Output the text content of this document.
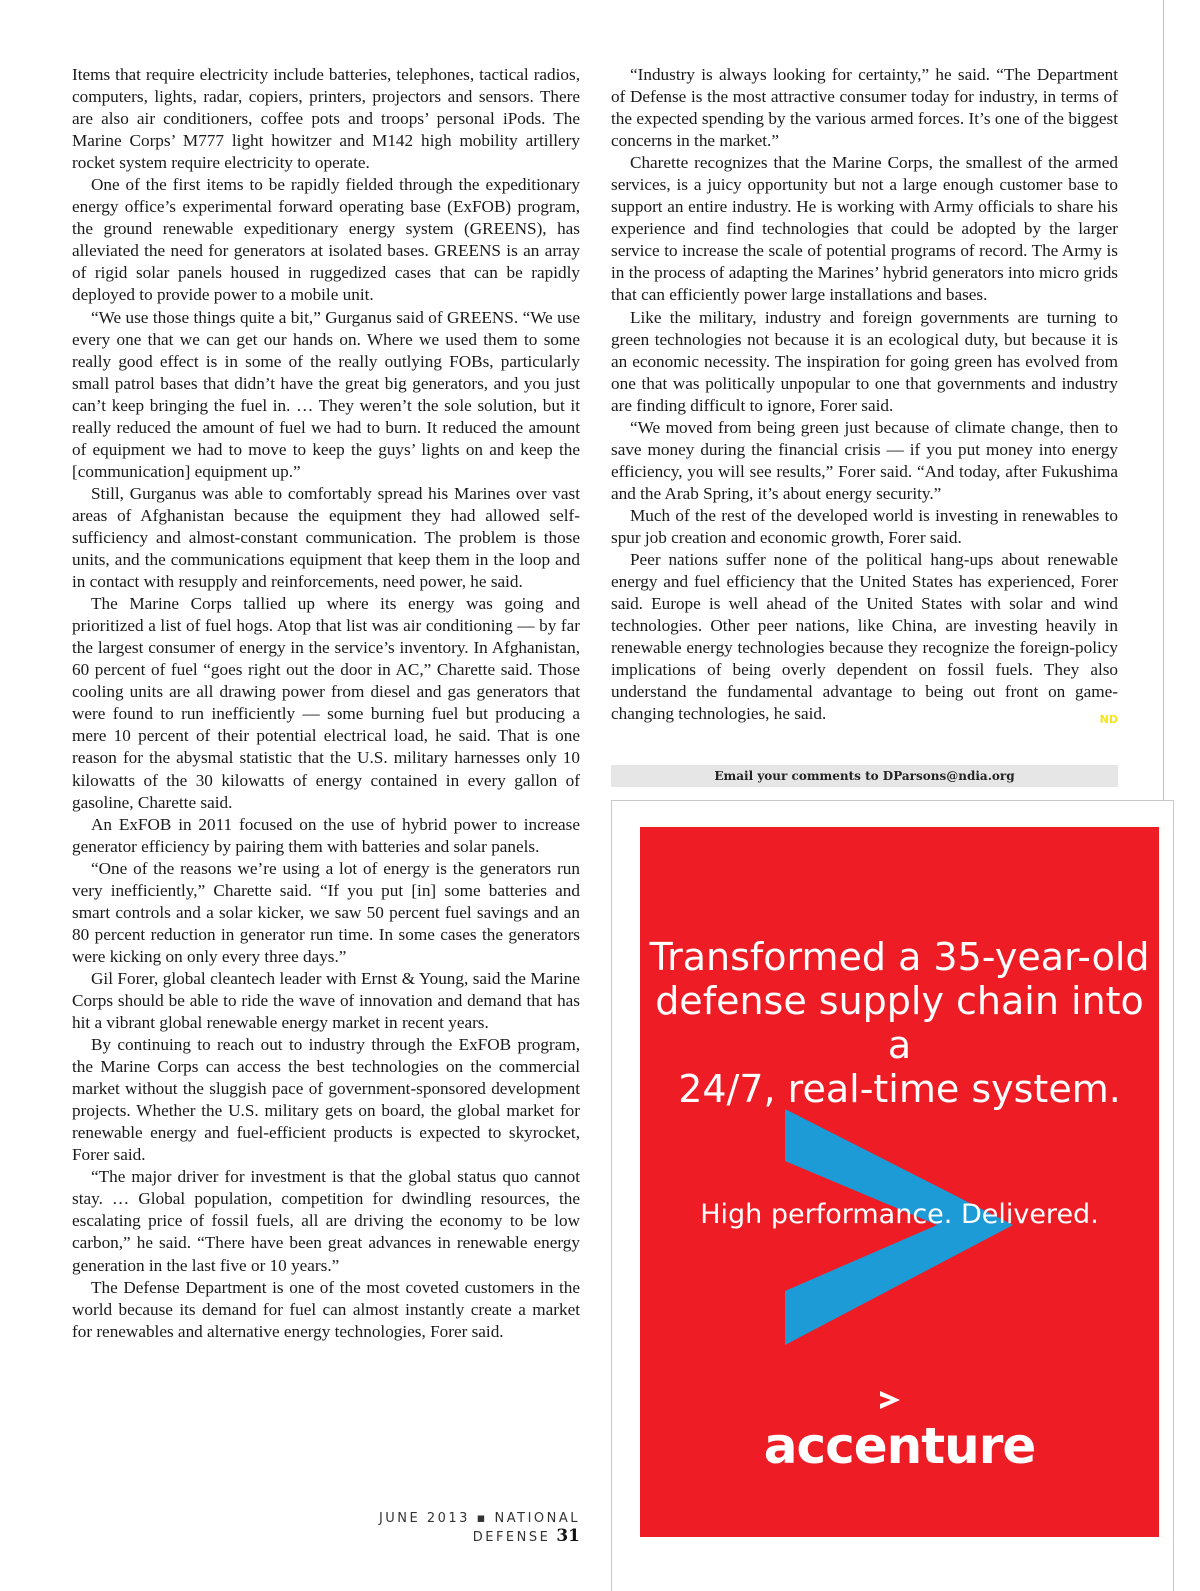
Items that require electricity include batteries, telephones, tactical radios, computers, lights, radar, copiers, printers, projectors and sensors. There are also air conditioners, coffee pots and troops’ personal iPods. The Marine Corps’ M777 light howitzer and M142 high mobility artillery rocket system require electricity to operate.

One of the first items to be rapidly fielded through the expeditionary energy office’s experimental forward operating base (ExFOB) program, the ground renewable expeditionary energy system (GREENS), has alleviated the need for generators at isolated bases. GREENS is an array of rigid solar panels housed in ruggedized cases that can be rapidly deployed to provide power to a mobile unit.

“We use those things quite a bit,” Gurganus said of GREENS. “We use every one that we can get our hands on. Where we used them to some really good effect is in some of the really outlying FOBs, particularly small patrol bases that didn’t have the great big generators, and you just can’t keep bringing the fuel in. … They weren’t the sole solution, but it really reduced the amount of fuel we had to burn. It reduced the amount of equipment we had to move to keep the guys’ lights on and keep the [communication] equipment up.”

Still, Gurganus was able to comfortably spread his Marines over vast areas of Afghanistan because the equipment they had allowed self-sufficiency and almost-constant communication. The problem is those units, and the communications equipment that keep them in the loop and in contact with resupply and reinforcements, need power, he said.

The Marine Corps tallied up where its energy was going and prioritized a list of fuel hogs. Atop that list was air conditioning — by far the largest consumer of energy in the service’s inventory. In Afghanistan, 60 percent of fuel “goes right out the door in AC,” Charette said. Those cooling units are all drawing power from diesel and gas generators that were found to run inefficiently — some burning fuel but producing a mere 10 percent of their potential electrical load, he said. That is one reason for the abysmal statistic that the U.S. military harnesses only 10 kilowatts of the 30 kilowatts of energy contained in every gallon of gasoline, Charette said.

An ExFOB in 2011 focused on the use of hybrid power to increase generator efficiency by pairing them with batteries and solar panels.

“One of the reasons we’re using a lot of energy is the generators run very inefficiently,” Charette said. “If you put [in] some batteries and smart controls and a solar kicker, we saw 50 percent fuel savings and an 80 percent reduction in generator run time. In some cases the generators were kicking on only every three days.”

Gil Forer, global cleantech leader with Ernst & Young, said the Marine Corps should be able to ride the wave of innovation and demand that has hit a vibrant global renewable energy market in recent years.

By continuing to reach out to industry through the ExFOB program, the Marine Corps can access the best technologies on the commercial market without the sluggish pace of government-sponsored development projects. Whether the U.S. military gets on board, the global market for renewable energy and fuel-efficient products is expected to skyrocket, Forer said.

“The major driver for investment is that the global status quo cannot stay. … Global population, competition for dwindling resources, the escalating price of fossil fuels, all are driving the economy to be low carbon,” he said. “There have been great advances in renewable energy generation in the last five or 10 years.”

The Defense Department is one of the most coveted customers in the world because its demand for fuel can almost instantly create a market for renewables and alternative energy technologies, Forer said.

“Industry is always looking for certainty,” he said. “The Department of Defense is the most attractive consumer today for industry, in terms of the expected spending by the various armed forces. It’s one of the biggest concerns in the market.”

Charette recognizes that the Marine Corps, the smallest of the armed services, is a juicy opportunity but not a large enough customer base to support an entire industry. He is working with Army officials to share his experience and find technologies that could be adopted by the larger service to increase the scale of potential programs of record. The Army is in the process of adapting the Marines’ hybrid generators into micro grids that can efficiently power large installations and bases.

Like the military, industry and foreign governments are turning to green technologies not because it is an ecological duty, but because it is an economic necessity. The inspiration for going green has evolved from one that was politically unpopular to one that governments and industry are finding difficult to ignore, Forer said.

“We moved from being green just because of climate change, then to save money during the financial crisis — if you put money into energy efficiency, you will see results,” Forer said. “And today, after Fukushima and the Arab Spring, it’s about energy security.”

Much of the rest of the developed world is investing in renewables to spur job creation and economic growth, Forer said.

Peer nations suffer none of the political hang-ups about renewable energy and fuel efficiency that the United States has experienced, Forer said. Europe is well ahead of the United States with solar and wind technologies. Other peer nations, like China, are investing heavily in renewable energy technologies because they recognize the foreign-policy implications of being overly dependent on fossil fuels. They also understand the fundamental advantage to being out front on game-changing technologies, he said.	ND

Email your comments to DParsons@ndia.org
Transformed a 35-year-old
defense supply chain into a
24/7, real-time system.
High performance. Delivered.
accenture
JUNE 2013 ▪ NATIONAL DEFENSE 31
